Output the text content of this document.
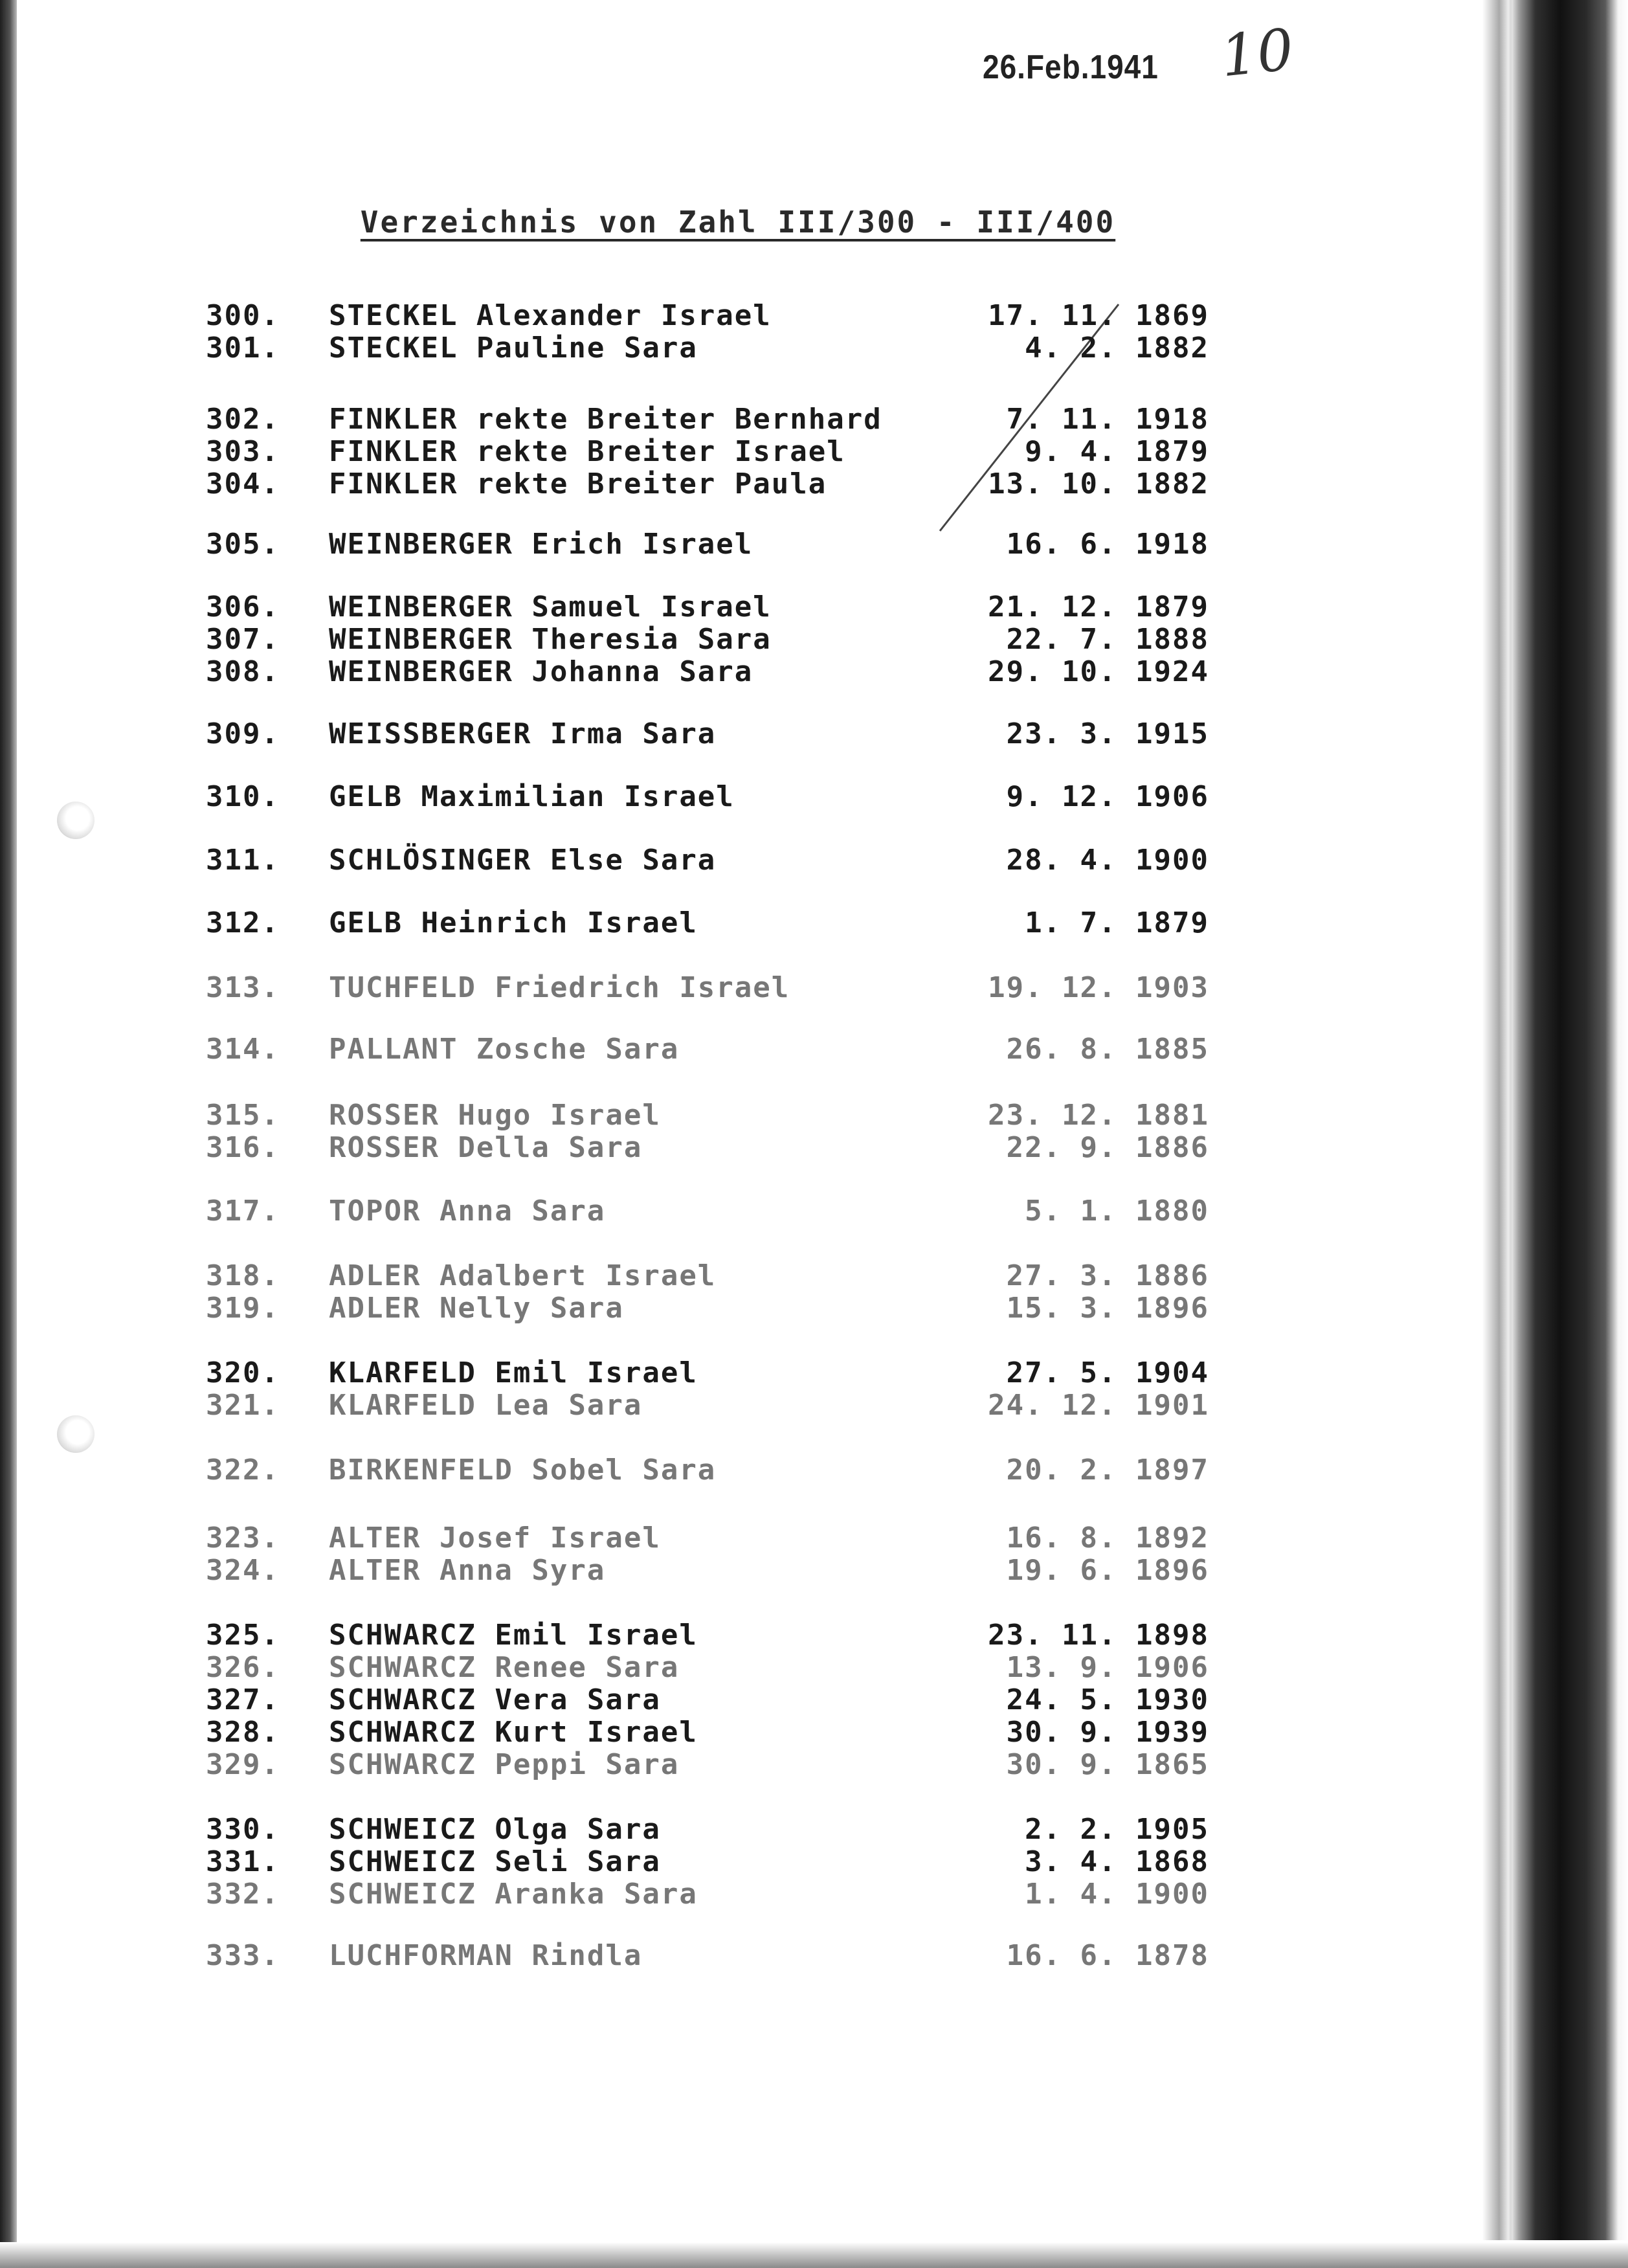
26.Feb.1941 10
Verzeichnis von Zahl III/300 - III/400
300.	STECKEL Alexander Israel	17. 11. 1869
301.	STECKEL Pauline Sara	4. 2. 1882
302.	FINKLER rekte Breiter Bernhard	7. 11. 1918
303.	FINKLER rekte Breiter Israel	9. 4. 1879
304.	FINKLER rekte Breiter Paula	13. 10. 1882
305.	WEINBERGER Erich Israel	16. 6. 1918
306.	WEINBERGER Samuel Israel	21. 12. 1879
307.	WEINBERGER Theresia Sara	22. 7. 1888
308.	WEINBERGER Johanna Sara	29. 10. 1924
309.	WEISSBERGER Irma Sara	23. 3. 1915
310.	GELB Maximilian Israel	9. 12. 1906
311.	SCHLÖSINGER Else Sara	28. 4. 1900
312.	GELB Heinrich Israel	1. 7. 1879
313.	TUCHFELD Friedrich Israel	19. 12. 1903
314.	PALLANT Zosche Sara	26. 8. 1885
315.	ROSSER Hugo Israel	23. 12. 1881
316.	ROSSER Della Sara	22. 9. 1886
317.	TOPOR Anna Sara	5. 1. 1880
318.	ADLER Adalbert Israel	27. 3. 1886
319.	ADLER Nelly Sara	15. 3. 1896
320.	KLARFELD Emil Israel	27. 5. 1904
321.	KLARFELD Lea Sara	24. 12. 1901
322.	BIRKENFELD Sobel Sara	20. 2. 1897
323.	ALTER Josef Israel	16. 8. 1892
324.	ALTER Anna Syra	19. 6. 1896
325.	SCHWARCZ Emil Israel	23. 11. 1898
326.	SCHWARCZ Renee Sara	13. 9. 1906
327.	SCHWARCZ Vera Sara	24. 5. 1930
328.	SCHWARCZ Kurt Israel	30. 9. 1939
329.	SCHWARCZ Peppi Sara	30. 9. 1865
330.	SCHWEICZ Olga Sara	2. 2. 1905
331.	SCHWEICZ Seli Sara	3. 4. 1868
332.	SCHWEICZ Aranka Sara	1. 4. 1900
333.	LUCHFORMAN Rindla	16. 6. 1878
